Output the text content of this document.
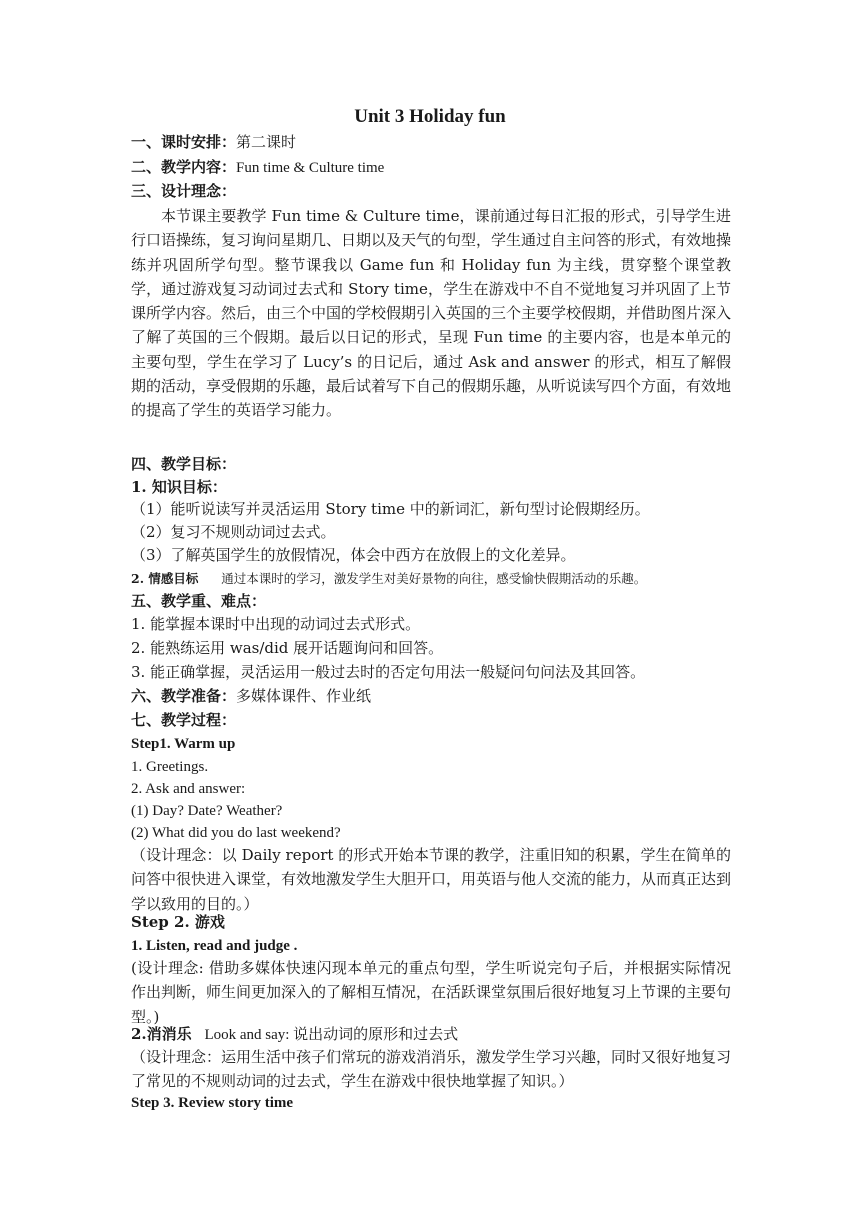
Unit 3 Holiday fun
一、课时安排：第二课时
二、教学内容：Fun time & Culture time
三、设计理念：
本节课主要教学 Fun time & Culture time，课前通过每日汇报的形式，引导学生进行口语操练，复习询问星期几、日期以及天气的句型，学生通过自主问答的形式，有效地操练并巩固所学句型。整节课我以 Game fun 和 Holiday fun 为主线，贯穿整个课堂教学，通过游戏复习动词过去式和 Story time，学生在游戏中不自不觉地复习并巩固了上节课所学内容。然后，由三个中国的学校假期引入英国的三个主要学校假期，并借助图片深入了解了英国的三个假期。最后以日记的形式，呈现 Fun time 的主要内容，也是本单元的主要句型，学生在学习了 Lucy’s 的日记后，通过 Ask and answer 的形式，相互了解假期的活动，享受假期的乐趣，最后试着写下自己的假期乐趣，从听说读写四个方面，有效地的提高了学生的英语学习能力。
四、教学目标：
1. 知识目标：
（1）能听说读写并灵活运用 Story time 中的新词汇，新句型讨论假期经历。
（2）复习不规则动词过去式。
（3）了解英国学生的放假情况，体会中西方在放假上的文化差异。
2. 情感目标 通过本课时的学习，激发学生对美好景物的向往，感受愉快假期活动的乐趣。
五、教学重、难点：
1. 能掌握本课时中出现的动词过去式形式。
2. 能熟练运用 was/did 展开话题询问和回答。
3. 能正确掌握，灵活运用一般过去时的否定句用法一般疑问句问法及其回答。
六、教学准备：多媒体课件、作业纸
七、教学过程：
Step1. Warm up
1. Greetings.
2. Ask and answer:
(1) Day? Date? Weather?
(2) What did you do last weekend?
（设计理念：以 Daily report 的形式开始本节课的教学，注重旧知的积累，学生在简单的问答中很快进入课堂，有效地激发学生大胆开口，用英语与他人交流的能力，从而真正达到学以致用的目的。）
Step 2. 游戏
1. Listen, read and judge .
(设计理念: 借助多媒体快速闪现本单元的重点句型，学生听说完句子后，并根据实际情况作出判断，师生间更加深入的了解相互情况，在活跃课堂氛围后很好地复习上节课的主要句型。)
2.消消乐 Look and say: 说出动词的原形和过去式
（设计理念：运用生活中孩子们常玩的游戏消消乐，激发学生学习兴趣，同时又很好地复习了常见的不规则动词的过去式，学生在游戏中很快地掌握了知识。）
Step 3. Review story time
